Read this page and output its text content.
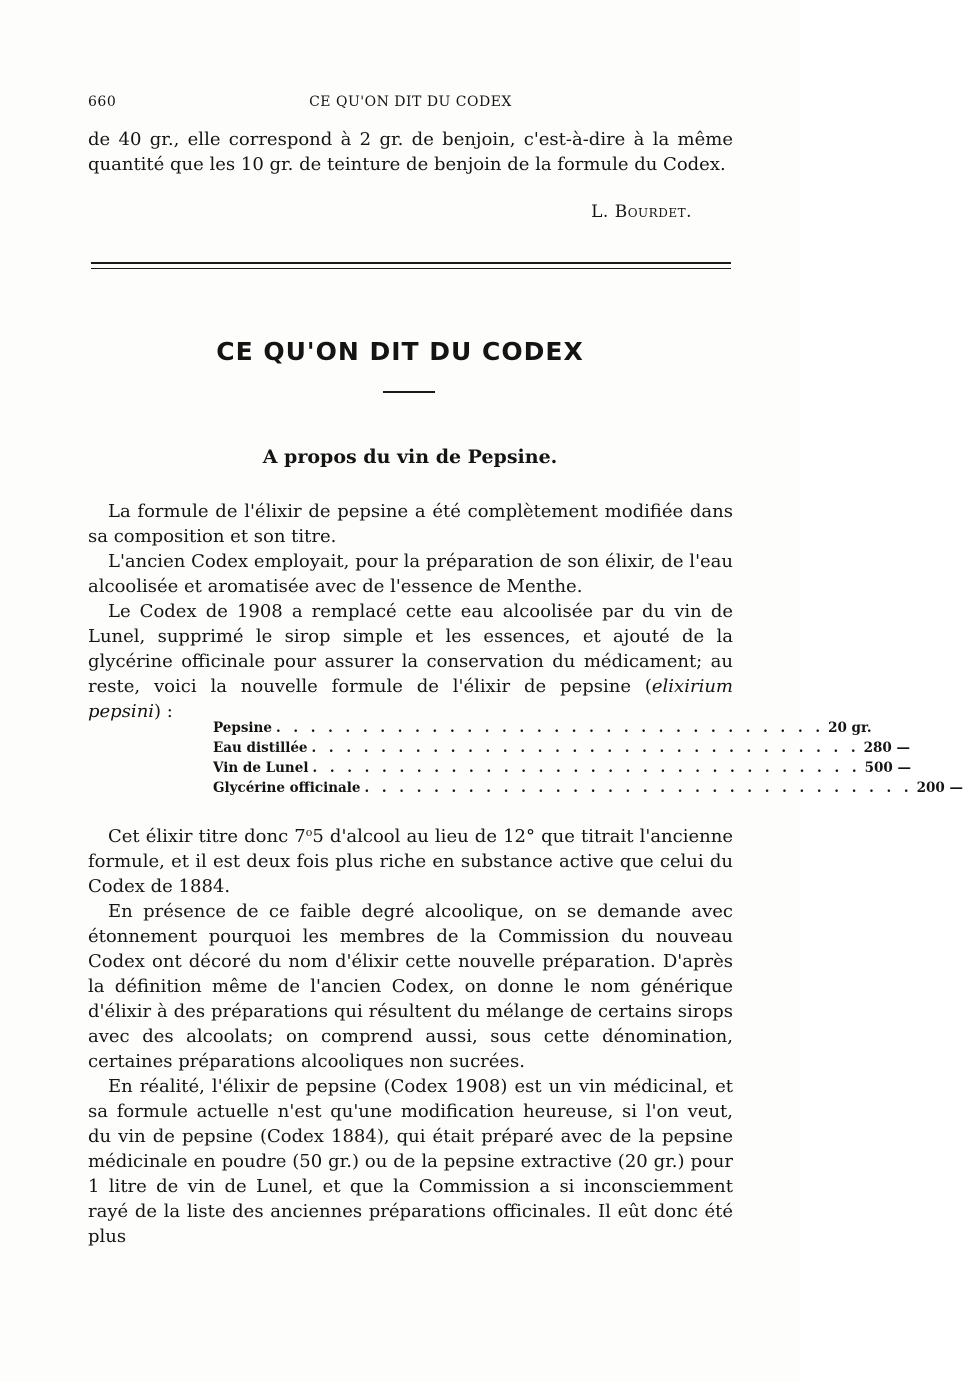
660	CE QU'ON DIT DU CODEX

de 40 gr., elle correspond à 2 gr. de benjoin, c'est-à-dire à la même quantité que les 10 gr. de teinture de benjoin de la formule du Codex.

L. Bourdet.
CE QU'ON DIT DU CODEX
A propos du vin de Pepsine.

La formule de l'élixir de pepsine a été complètement modifiée dans sa composition et son titre.

L'ancien Codex employait, pour la préparation de son élixir, de l'eau alcoolisée et aromatisée avec de l'essence de Menthe.

Le Codex de 1908 a remplacé cette eau alcoolisée par du vin de Lunel, supprimé le sirop simple et les essences, et ajouté de la glycérine officinale pour assurer la conservation du médicament; au reste, voici la nouvelle formule de l'élixir de pepsine (elixirium pepsini) :

Pepsine . . . . . . . . . . . . . . . . . . . . . . . . . . . . . . . . 20 gr.
Eau distillée . . . . . . . . . . . . . . . . . . . . . . . . . . . . . . . . 280 —
Vin de Lunel . . . . . . . . . . . . . . . . . . . . . . . . . . . . . . . . 500 —
Glycérine officinale . . . . . . . . . . . . . . . . . . . . . . . . . . . . . . . . 200 —

Cet élixir titre donc 7$^o$5 d'alcool au lieu de 12° que titrait l'ancienne formule, et il est deux fois plus riche en substance active que celui du Codex de 1884.

En présence de ce faible degré alcoolique, on se demande avec étonnement pourquoi les membres de la Commission du nouveau Codex ont décoré du nom d'élixir cette nouvelle préparation. D'après la définition même de l'ancien Codex, on donne le nom générique d'élixir à des préparations qui résultent du mélange de certains sirops avec des alcoolats; on comprend aussi, sous cette dénomination, certaines préparations alcooliques non sucrées.

En réalité, l'élixir de pepsine (Codex 1908) est un vin médicinal, et sa formule actuelle n'est qu'une modification heureuse, si l'on veut, du vin de pepsine (Codex 1884), qui était préparé avec de la pepsine médicinale en poudre (50 gr.) ou de la pepsine extractive (20 gr.) pour 1 litre de vin de Lunel, et que la Commission a si inconsciemment rayé de la liste des anciennes préparations officinales. Il eût donc été plus
